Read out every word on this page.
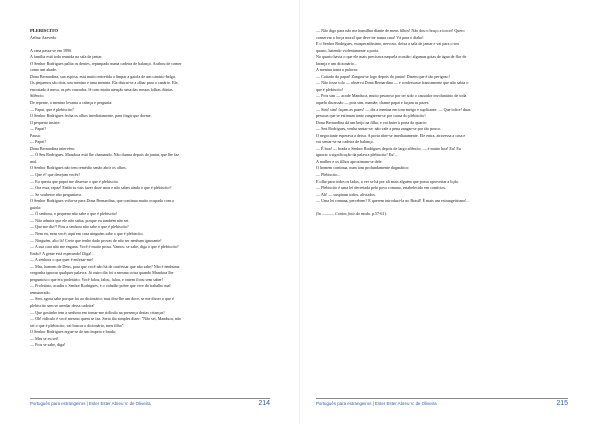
PLEBISCITO

Arthur Azevedo

A cena passa-se em 1890.

A família está toda reunida na sala de jantar.

O Senhor Rodrigues palita os dentes, repimpado numa cadeira de balanço. Acabou de comer

como um abade.

Dona Bernardina, sua esposa, está muito entretida a limpar a gaiola de um canário-belga.

Os pequenos são dois, um menino e uma menina. Ela distrai-se a olhar para o canário. Ele,

encostado à mesa, os pés cruzados, lê com muita atenção uma das nossas folhas diárias.

Silêncio.

De repente, o menino levanta a cabeça e pergunta:

— Papai, que é plebiscito?

O Senhor Rodrigues fecha os olhos imediatamente, para fingir que dorme.

O pequeno insiste:

— Papai?

Pausa:

— Papai?

Dona Bernardina intervém:

— Ó Seu Rodrigues, Manduca está lhe chamando. Não durma depois do jantar, que lhe faz

mal.

O Senhor Rodrigues não tem remédio senão abrir os olhos.

— Que é? que desejam vocês?

— Eu queria que papai me dissesse o que é plebiscito.

— Ora essa, rapaz! Então tu vais fazer doze anos e não sabes ainda o que é plebiscito?

— Se soubesse não perguntava.

O Senhor Rodrigues volta-se para Dona Bernardina, que continua muito ocupada com a

gaiola:

— Ó senhora, o pequeno não sabe o que é plebiscito!

— Não admira que ele não saiba, porque eu também não sei.

— Que me diz?! Pois a senhora não sabe o que é plebiscito?

— Nem eu, nem você; aqui em casa ninguém sabe o que é plebiscito.

— Ninguém, alto lá! Creio que tenho dado provas de não ser nenhum ignorante!

— A sua cara não me engana. Você é muito prosa. Vamos: se sabe, diga o que é plebiscito?

Então? A gente está esperando! Diga!...

— A senhora o que quer é enfezar-me!

— Mas, homem de Deus, para que você não há de confessar que não sabe? Não é nenhuma

vergonha ignorar qualquer palavra. Já outro dia foi a mesma coisa quando Manduca lhe

perguntou o que era proletário. Você falou, falou, falou, e ontem ficou sem saber!

— Proletário, acudiu o Senhor Rodrigues, é o cidadão pobre que vive do trabalho mal

remunerado.

— Sim, agora sabe porque foi ao dicionário; mas dou-lhe um doce, se me disser o que é

plebiscito sem se arredar dessa cadeira!

— Que gostinho tem a senhora em tornar-me ridículo na presença destas crianças!

— Oh! ridículo é você mesmo quem se faz. Seria tão simples dizer: "Não sei, Manduca, não

sei o que é plebiscito; vai buscar o dicionário, meu filho".

O Senhor Rodrigues ergue-se de um ímpeto e brada:

— Mas se eu sei!

— Pois se sabe, diga!

Português para estrangeiros | Ester Ester Abreu V. de Oliveira	214

— Não digo para não me humilhar diante de meus filhos! Não dou o braço a torcer! Quero

conservar a força moral que deve ter numa casa! Vá para o diabo!

E o Senhor Rodrigues, exasperadíssimo, nervoso, deixa a sala de jantar e vai para o seu

quarto, batendo violentamente a porta.

No quarto havia o que ele mais precisava naquela ocasião: algumas gotas de água de flor de

laranja e um dicionário...

A menina toma a palavra:

— Coitado do papai! Zangou-se logo depois do jantar! Dizem que é tão perigoso!

— Não fosse tolo — observa Dona Bernardina — e confessasse francamente que não sabia o

que é plebiscito!

— Pois sim — acode Manduca, muito pesaroso por ter sido o causador involuntário de toda

aquela discussão — pois sim, mamãe; chame papai e façam as pazes.

— Sim! sim! façam as pazes! — diz a menina em tom meigo e suplicante. — Que tolice! duas

pessoas que se estimam tanto zangarem-se por causa do plebiscito!

Dona Bernardina dá um beijo na filha, e vai bater à porta do quarto:

— Seu Rodrigues, venha sentar-se; não vale a pena zangar-se por tão pouco.

O negociante esperava a deixa. A porta abre-se imediatamente. Ele entra, atravessa a casa e

vai sentar-se na cadeira de balanço.

— É boa! — brada o Senhor Rodrigues depois de largo silêncio; — é muito boa! Eu! Eu

ignorar a significação da palavra plebiscito! Eu!...

A mulher e os filhos aproximam-se dele.

O homem continua, num tom profundamente dogmático:

— Plebiscito...

E olha para todos os lados, a ver se há por ali mais alguém que possa aproveitar a lição.

— Plebiscito é uma lei decretada pelo povo romano, estabelecido em comícios.

— Ah! — suspiram todos, aliviados.

— Uma lei romana, percebem? E querem introduzi-la no Brasil! É mais um estrangeirismo!...

(In ——— Contos fora da moda. p.57-61).

Português para estrangeiros | Ester Ester Abreu V. de Oliveira	215
